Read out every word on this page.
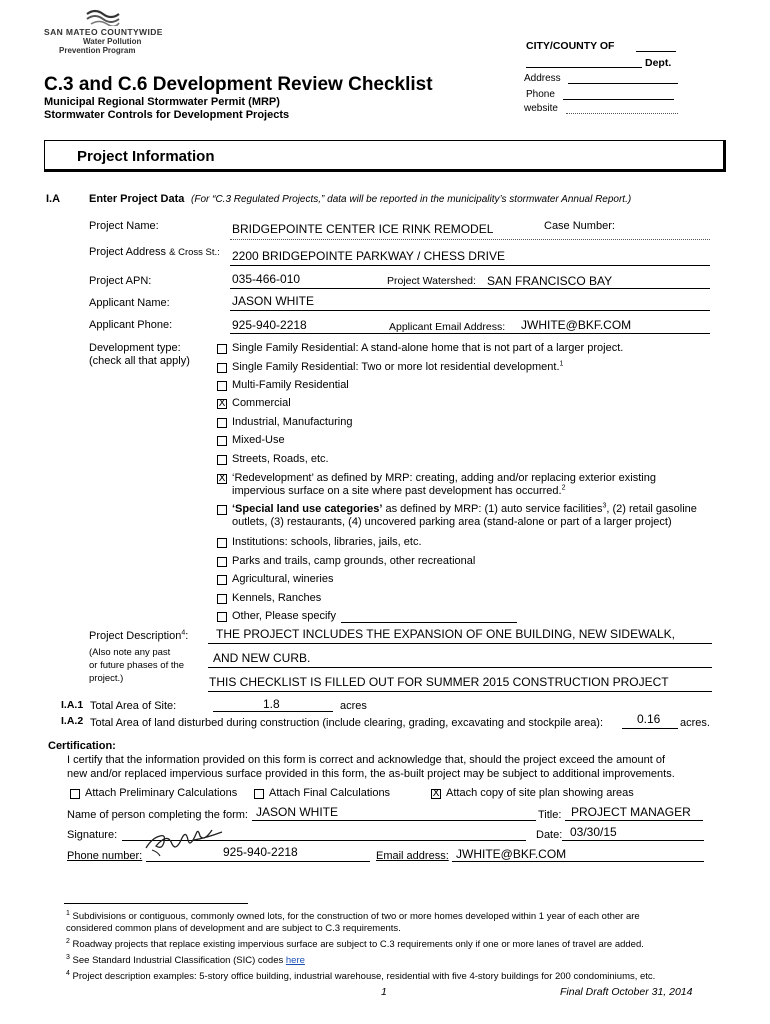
SAN MATEO COUNTYWIDE
Water Pollution
Prevention Program	CITY/COUNTY OF
Dept.
Address
Phone
website
C.3 and C.6 Development Review Checklist
Municipal Regional Stormwater Permit (MRP)
Stormwater Controls for Development Projects
Project Information
I.A	Enter Project Data (For “C.3 Regulated Projects,” data will be reported in the municipality’s stormwater Annual Report.)
Project Name:	BRIDGEPOINTE CENTER ICE RINK REMODEL	Case Number:
Project Address & Cross St.: 2200 BRIDGEPOINTE PARKWAY / CHESS DRIVE
Project APN:	035-466-010	Project Watershed: SAN FRANCISCO BAY
Applicant Name:	JASON WHITE
Applicant Phone:	925-940-2218	Applicant Email Address: JWHITE@BKF.COM
Development type:
(check all that apply)
Single Family Residential: A stand-alone home that is not part of a larger project.
Single Family Residential: Two or more lot residential development.$^1$
Multi-Family Residential
X Commercial
Industrial, Manufacturing
Mixed-Use
Streets, Roads, etc.
X ‘Redevelopment’ as defined by MRP: creating, adding and/or replacing exterior existing
impervious surface on a site where past development has occurred.$^2$
‘Special land use categories’ as defined by MRP: (1) auto service facilities$^3$, (2) retail gasoline
outlets, (3) restaurants, (4) uncovered parking area (stand-alone or part of a larger project)
Institutions: schools, libraries, jails, etc.
Parks and trails, camp grounds, other recreational
Agricultural, wineries
Kennels, Ranches
Other, Please specify
Project Description$^4$:
(Also note any past
or future phases of the
project.)
THE PROJECT INCLUDES THE EXPANSION OF ONE BUILDING, NEW SIDEWALK,
AND NEW CURB.
THIS CHECKLIST IS FILLED OUT FOR SUMMER 2015 CONSTRUCTION PROJECT
I.A.1 Total Area of Site:	1.8	acres
I.A.2 Total Area of land disturbed during construction (include clearing, grading, excavating and stockpile area):	0.16 acres.
Certification:
I certify that the information provided on this form is correct and acknowledge that, should the project exceed the amount of
new and/or replaced impervious surface provided in this form, the as-built project may be subject to additional improvements.
Attach Preliminary Calculations	Attach Final Calculations	X Attach copy of site plan showing areas
Name of person completing the form: JASON WHITE	Title: PROJECT MANAGER
Signature:	Date: 03/30/15
Phone number:	925-940-2218	Email address: JWHITE@BKF.COM
$^1$ Subdivisions or contiguous, commonly owned lots, for the construction of two or more homes developed within 1 year of each other are
considered common plans of development and are subject to C.3 requirements.
$^2$ Roadway projects that replace existing impervious surface are subject to C.3 requirements only if one or more lanes of travel are added.
$^3$ See Standard Industrial Classification (SIC) codes here
$^4$ Project description examples: 5-story office building, industrial warehouse, residential with five 4-story buildings for 200 condominiums, etc.
1	Final Draft October 31, 2014
